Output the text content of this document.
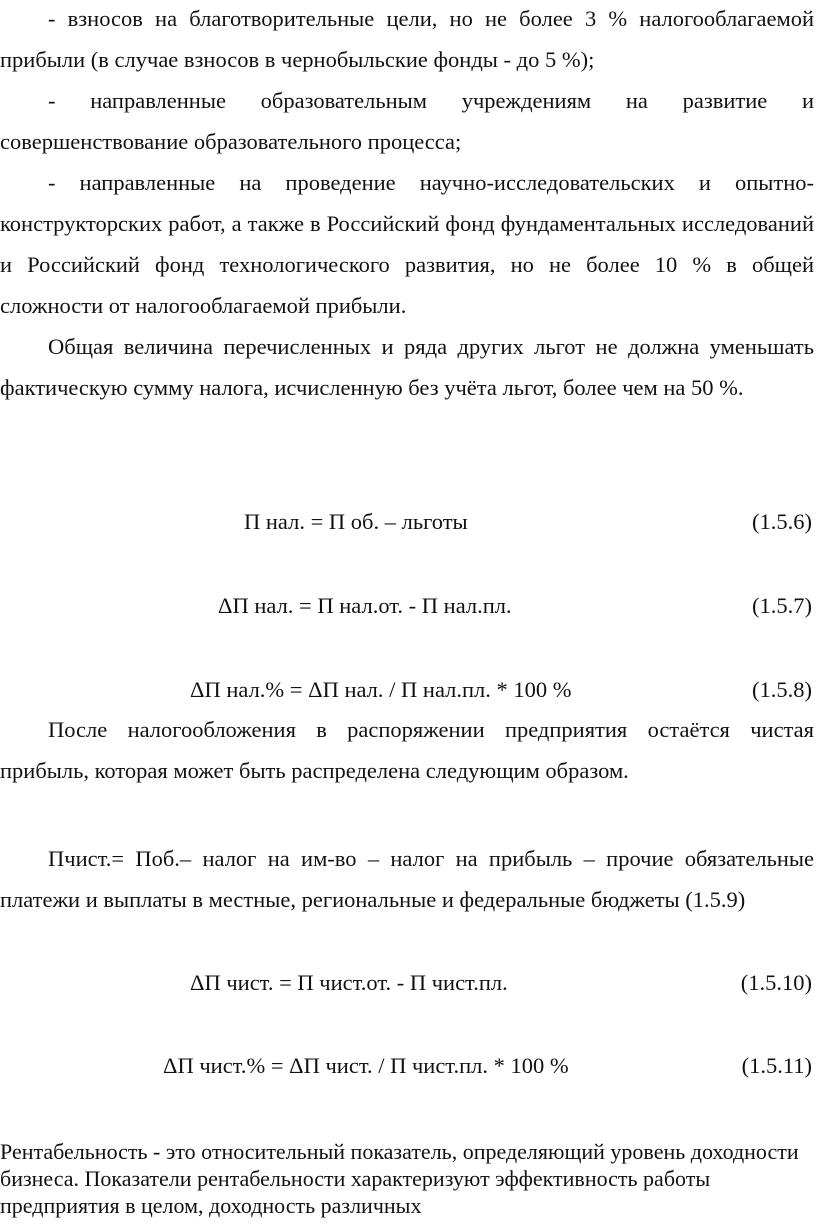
- взносов на благотворительные цели, но не более 3 % налогооблагаемой прибыли (в случае взносов в чернобыльские фонды - до 5 %);

- направленные образовательным учреждениям на развитие и совершенствование образовательного процесса;

- направленные на проведение научно-исследовательских и опытно-конструкторских работ, а также в Российский фонд фундаментальных исследований и Российский фонд технологического развития, но не более 10 % в общей сложности от налогооблагаемой прибыли.

Общая величина перечисленных и ряда других льгот не должна уменьшать фактическую сумму налога, исчисленную без учёта льгот, более чем на 50 %.

П нал. = П об. – льготы	(1.5.6)
ΔП нал. = П нал.от. - П нал.пл.	(1.5.7)
ΔП нал.% = ΔП нал. / П нал.пл. * 100 %	(1.5.8)

После налогообложения в распоряжении предприятия остаётся чистая прибыль, которая может быть распределена следующим образом.

Пчист.= Поб.– налог на им-во – налог на прибыль – прочие обязательные платежи и выплаты в местные, региональные и федеральные бюджеты (1.5.9)

ΔП чист. = П чист.от. - П чист.пл.	(1.5.10)
ΔП чист.% = ΔП чист. / П чист.пл. * 100 %	(1.5.11)

Рентабельность - это относительный показатель, определяющий уровень доходности бизнеса. Показатели рентабельности характеризуют эффективность работы предприятия в целом, доходность различных
